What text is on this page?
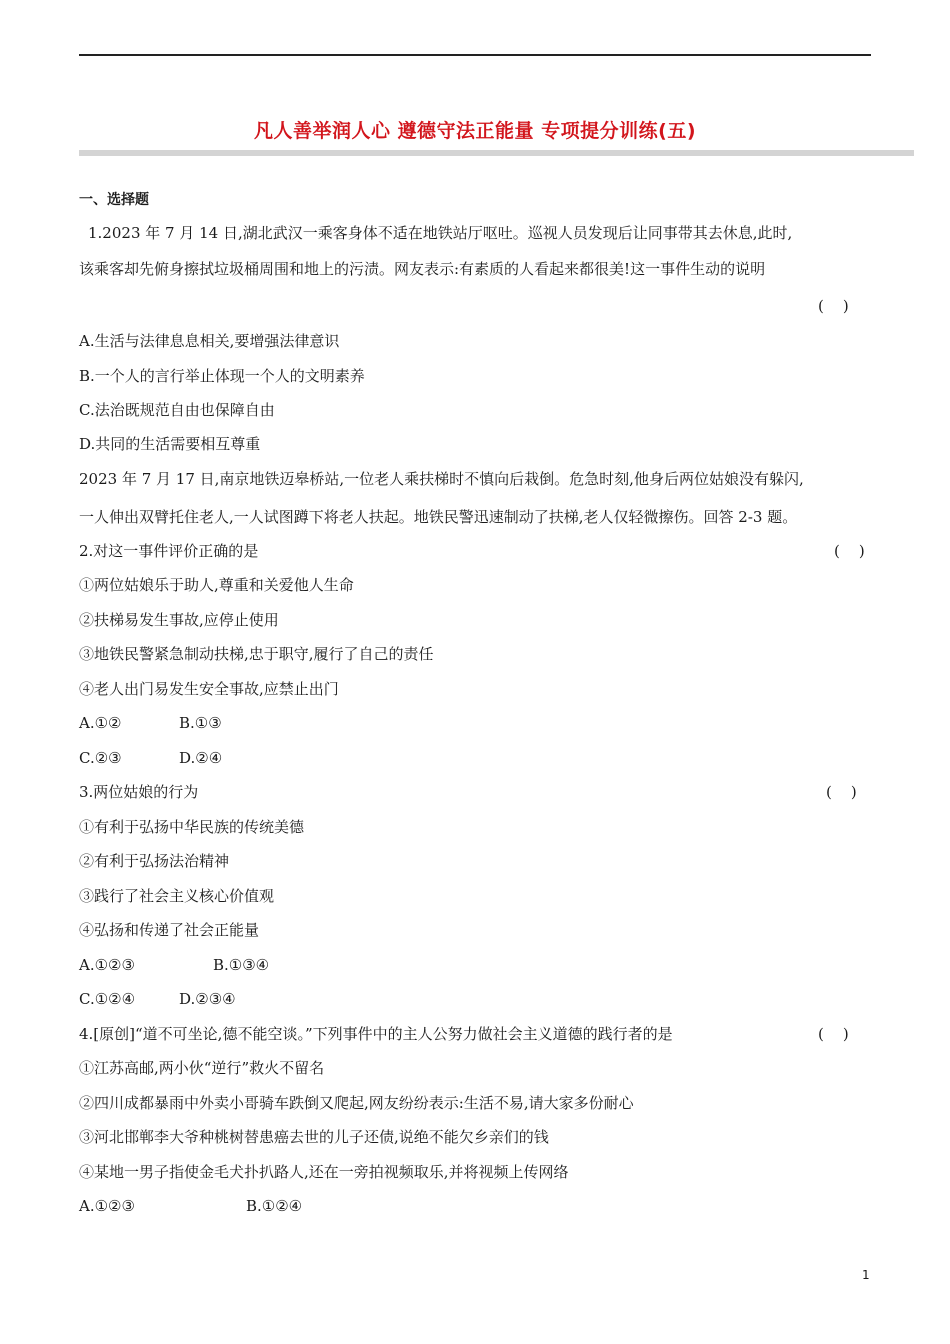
凡人善举润人心 遵德守法正能量 专项提分训练(五)
一、选择题
1.2023 年 7 月 14 日,湖北武汉一乘客身体不适在地铁站厅呕吐。巡视人员发现后让同事带其去休息,此时,
该乘客却先俯身擦拭垃圾桶周围和地上的污渍。网友表示:有素质的人看起来都很美!这一事件生动的说明
(    )
A.生活与法律息息相关,要增强法律意识
B.一个人的言行举止体现一个人的文明素养
C.法治既规范自由也保障自由
D.共同的生活需要相互尊重
2023 年 7 月 17 日,南京地铁迈皋桥站,一位老人乘扶梯时不慎向后栽倒。危急时刻,他身后两位姑娘没有躲闪,
一人伸出双臂托住老人,一人试图蹲下将老人扶起。地铁民警迅速制动了扶梯,老人仅轻微擦伤。回答 2-3 题。
2.对这一事件评价正确的是	(    )
①两位姑娘乐于助人,尊重和关爱他人生命
②扶梯易发生事故,应停止使用
③地铁民警紧急制动扶梯,忠于职守,履行了自己的责任
④老人出门易发生安全事故,应禁止出门
A.①②	B.①③
C.②③	D.②④
3.两位姑娘的行为	(    )
①有利于弘扬中华民族的传统美德
②有利于弘扬法治精神
③践行了社会主义核心价值观
④弘扬和传递了社会正能量
A.①②③	B.①③④
C.①②④	D.②③④
4.[原创]“道不可坐论,德不能空谈。”下列事件中的主人公努力做社会主义道德的践行者的是	(    )
①江苏高邮,两小伙“逆行”救火不留名
②四川成都暴雨中外卖小哥骑车跌倒又爬起,网友纷纷表示:生活不易,请大家多份耐心
③河北邯郸李大爷种桃树替患癌去世的儿子还债,说绝不能欠乡亲们的钱
④某地一男子指使金毛犬扑扒路人,还在一旁拍视频取乐,并将视频上传网络
A.①②③	B.①②④
1
